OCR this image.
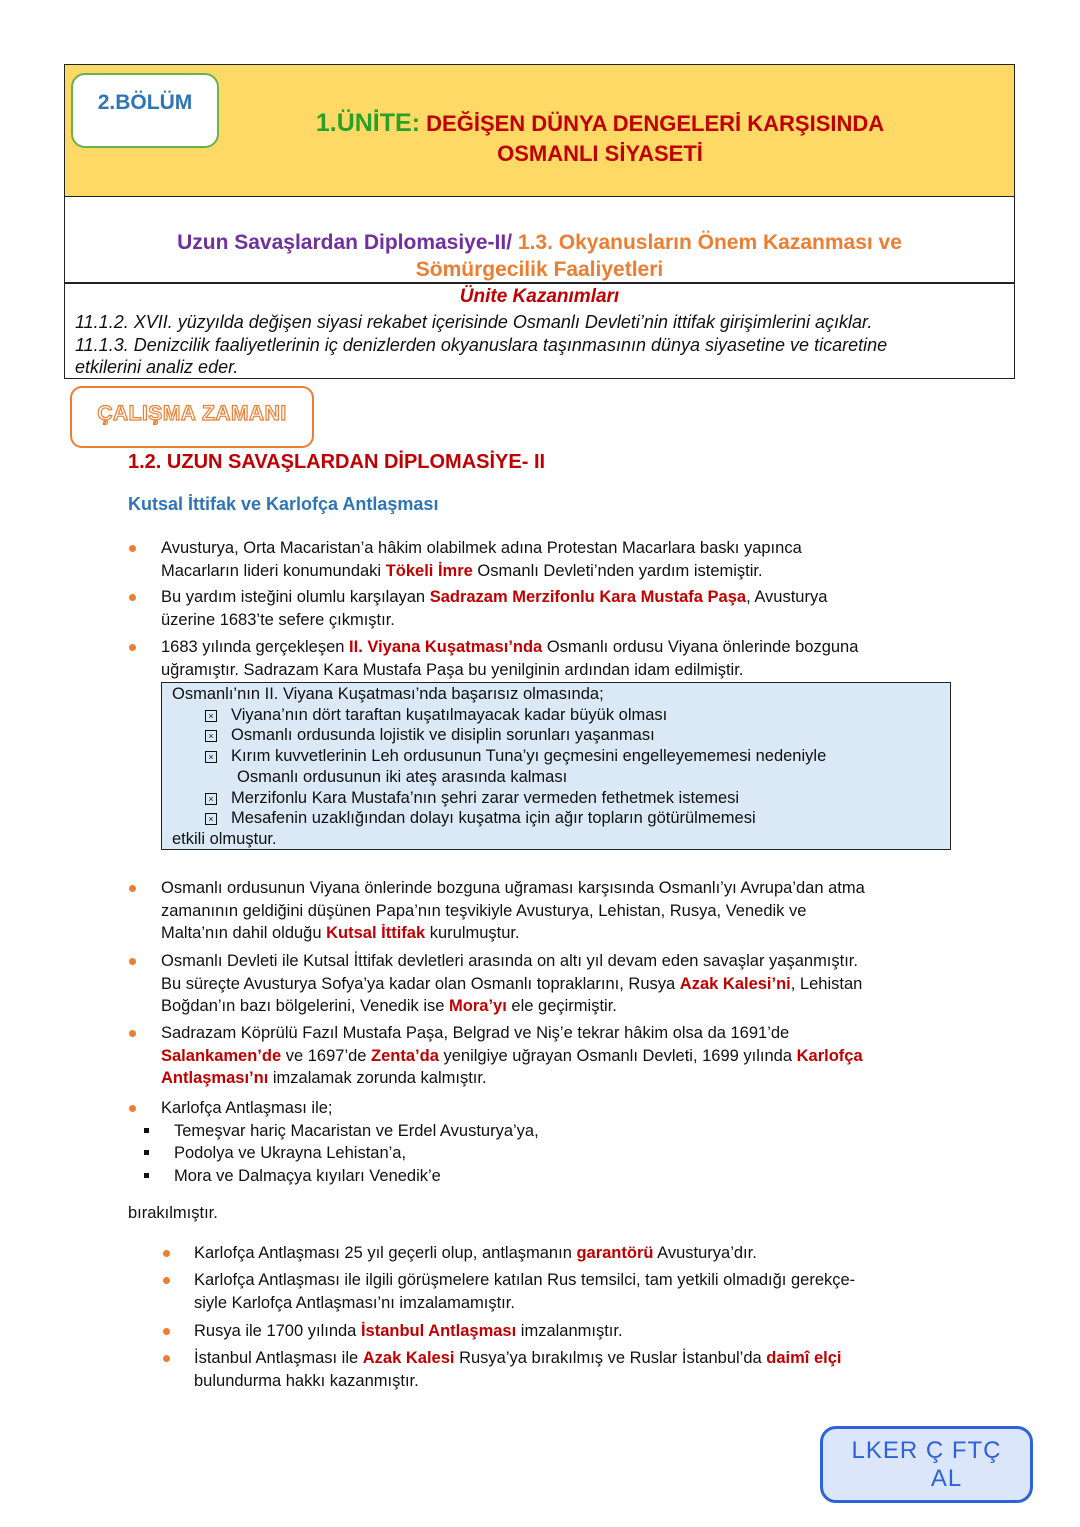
2.BÖLÜM
1.ÜNİTE: DEĞİŞEN DÜNYA DENGELERİ KARŞISINDA
OSMANLI SİYASETİ
Uzun Savaşlardan Diplomasiye-II/ 1.3. Okyanusların Önem Kazanması ve
Sömürgecilik Faaliyetleri
Ünite Kazanımları
11.1.2. XVII. yüzyılda değişen siyasi rekabet içerisinde Osmanlı Devleti’nin ittifak girişimlerini açıklar.
11.1.3. Denizcilik faaliyetlerinin iç denizlerden okyanuslara taşınmasının dünya siyasetine ve ticaretine
etkilerini analiz eder.
ÇALIŞMA ZAMANI
1.2. UZUN SAVAŞLARDAN DİPLOMASİYE- II
Kutsal İttifak ve Karlofça Antlaşması
Avusturya, Orta Macaristan’a hâkim olabilmek adına Protestan Macarlara baskı yapınca
Macarların lideri konumundaki Tökeli İmre Osmanlı Devleti’nden yardım istemiştir.
Bu yardım isteğini olumlu karşılayan Sadrazam Merzifonlu Kara Mustafa Paşa, Avusturya
üzerine 1683’te sefere çıkmıştır.
1683 yılında gerçekleşen II. Viyana Kuşatması’nda Osmanlı ordusu Viyana önlerinde bozguna
uğramıştır. Sadrazam Kara Mustafa Paşa bu yenilginin ardından idam edilmiştir.
Osmanlı’nın II. Viyana Kuşatması’nda başarısız olmasında;
× Viyana’nın dört taraftan kuşatılmayacak kadar büyük olması
× Osmanlı ordusunda lojistik ve disiplin sorunları yaşanması
× Kırım kuvvetlerinin Leh ordusunun Tuna’yı geçmesini engelleyememesi nedeniyle
Osmanlı ordusunun iki ateş arasında kalması
× Merzifonlu Kara Mustafa’nın şehri zarar vermeden fethetmek istemesi
× Mesafenin uzaklığından dolayı kuşatma için ağır topların götürülmemesi
etkili olmuştur.
Osmanlı ordusunun Viyana önlerinde bozguna uğraması karşısında Osmanlı’yı Avrupa’dan atma
zamanının geldiğini düşünen Papa’nın teşvikiyle Avusturya, Lehistan, Rusya, Venedik ve
Malta’nın dahil olduğu Kutsal İttifak kurulmuştur.
Osmanlı Devleti ile Kutsal İttifak devletleri arasında on altı yıl devam eden savaşlar yaşanmıştır.
Bu süreçte Avusturya Sofya’ya kadar olan Osmanlı topraklarını, Rusya Azak Kalesi’ni, Lehistan
Boğdan’ın bazı bölgelerini, Venedik ise Mora’yı ele geçirmiştir.
Sadrazam Köprülü Fazıl Mustafa Paşa, Belgrad ve Niş’e tekrar hâkim olsa da 1691’de
Salankamen’de ve 1697’de Zenta’da yenilgiye uğrayan Osmanlı Devleti, 1699 yılında Karlofça
Antlaşması’nı imzalamak zorunda kalmıştır.
Karlofça Antlaşması ile;
Temeşvar hariç Macaristan ve Erdel Avusturya’ya,
Podolya ve Ukrayna Lehistan’a,
Mora ve Dalmaçya kıyıları Venedik’e
bırakılmıştır.
Karlofça Antlaşması 25 yıl geçerli olup, antlaşmanın garantörü Avusturya’dır.
Karlofça Antlaşması ile ilgili görüşmelere katılan Rus temsilci, tam yetkili olmadığı gerekçe-
siyle Karlofça Antlaşması’nı imzalamamıştır.
Rusya ile 1700 yılında İstanbul Antlaşması imzalanmıştır.
İstanbul Antlaşması ile Azak Kalesi Rusya’ya bırakılmış ve Ruslar İstanbul’da daimî elçi
bulundurma hakkı kazanmıştır.
LKER Ç FTÇ
AL
